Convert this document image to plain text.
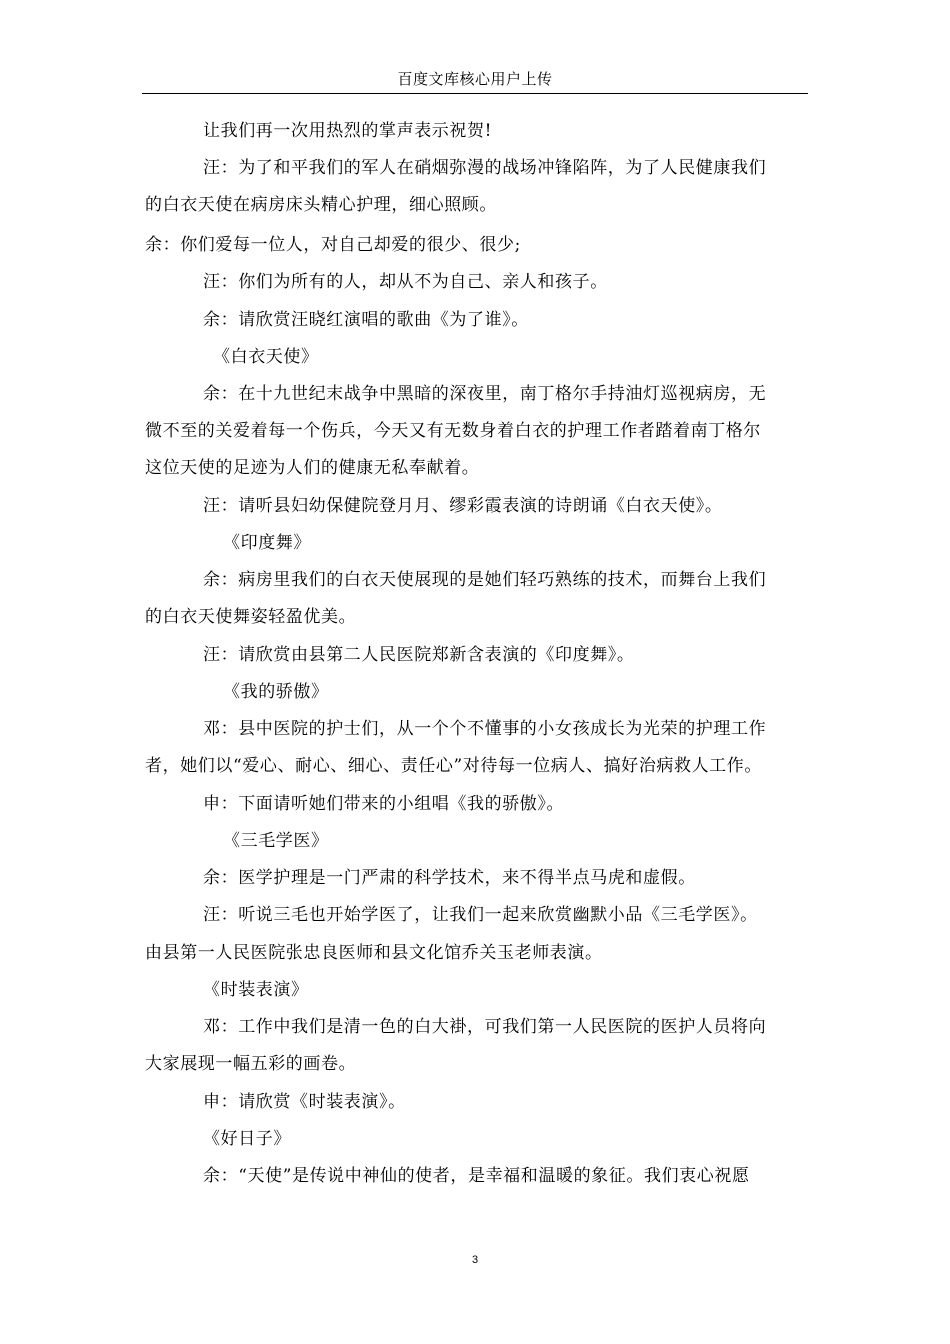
百度文库核心用户上传
让我们再一次用热烈的掌声表示祝贺!
汪：为了和平我们的军人在硝烟弥漫的战场冲锋陷阵，为了人民健康我们
的白衣天使在病房床头精心护理，细心照顾。
余：你们爱每一位人，对自己却爱的很少、很少;
汪：你们为所有的人，却从不为自己、亲人和孩子。
余：请欣赏汪晓红演唱的歌曲《为了谁》。
《白衣天使》
余：在十九世纪末战争中黑暗的深夜里，南丁格尔手持油灯巡视病房，无
微不至的关爱着每一个伤兵，今天又有无数身着白衣的护理工作者踏着南丁格尔
这位天使的足迹为人们的健康无私奉献着。
汪：请听县妇幼保健院登月月、缪彩霞表演的诗朗诵《白衣天使》。
《印度舞》
余：病房里我们的白衣天使展现的是她们轻巧熟练的技术，而舞台上我们
的白衣天使舞姿轻盈优美。
汪：请欣赏由县第二人民医院郑新含表演的《印度舞》。
《我的骄傲》
邓：县中医院的护士们，从一个个不懂事的小女孩成长为光荣的护理工作
者，她们以“爱心、耐心、细心、责任心”对待每一位病人、搞好治病救人工作。
申：下面请听她们带来的小组唱《我的骄傲》。
《三毛学医》
余：医学护理是一门严肃的科学技术，来不得半点马虎和虚假。
汪：听说三毛也开始学医了，让我们一起来欣赏幽默小品《三毛学医》。
由县第一人民医院张忠良医师和县文化馆乔关玉老师表演。
《时装表演》
邓：工作中我们是清一色的白大褂，可我们第一人民医院的医护人员将向
大家展现一幅五彩的画卷。
申：请欣赏《时装表演》。
《好日子》
余：“天使”是传说中神仙的使者，是幸福和温暖的象征。我们衷心祝愿
3
